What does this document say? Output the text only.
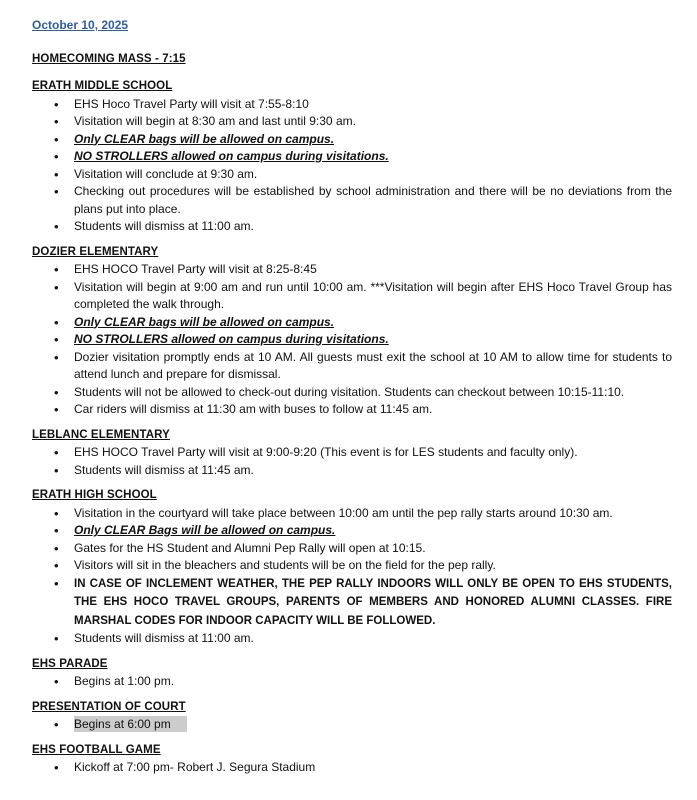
October 10, 2025
HOMECOMING MASS - 7:15
ERATH MIDDLE SCHOOL
• EHS Hoco Travel Party will visit at 7:55-8:10
• Visitation will begin at 8:30 am and last until 9:30 am.
• Only CLEAR bags will be allowed on campus.
• NO STROLLERS allowed on campus during visitations.
• Visitation will conclude at 9:30 am.
• Checking out procedures will be established by school administration and there will be no deviations from the plans put into place.
• Students will dismiss at 11:00 am.
DOZIER ELEMENTARY
• EHS HOCO Travel Party will visit at 8:25-8:45
• Visitation will begin at 9:00 am and run until 10:00 am. ***Visitation will begin after EHS Hoco Travel Group has completed the walk through.
• Only CLEAR bags will be allowed on campus.
• NO STROLLERS allowed on campus during visitations.
• Dozier visitation promptly ends at 10 AM. All guests must exit the school at 10 AM to allow time for students to attend lunch and prepare for dismissal.
• Students will not be allowed to check-out during visitation. Students can checkout between 10:15-11:10.
• Car riders will dismiss at 11:30 am with buses to follow at 11:45 am.
LEBLANC ELEMENTARY
• EHS HOCO Travel Party will visit at 9:00-9:20 (This event is for LES students and faculty only).
• Students will dismiss at 11:45 am.
ERATH HIGH SCHOOL
• Visitation in the courtyard will take place between 10:00 am until the pep rally starts around 10:30 am.
• Only CLEAR Bags will be allowed on campus.
• Gates for the HS Student and Alumni Pep Rally will open at 10:15.
• Visitors will sit in the bleachers and students will be on the field for the pep rally.
• IN CASE OF INCLEMENT WEATHER, THE PEP RALLY INDOORS WILL ONLY BE OPEN TO EHS STUDENTS, THE EHS HOCO TRAVEL GROUPS, PARENTS OF MEMBERS AND HONORED ALUMNI CLASSES. FIRE MARSHAL CODES FOR INDOOR CAPACITY WILL BE FOLLOWED.
• Students will dismiss at 11:00 am.
EHS PARADE
• Begins at 1:00 pm.
PRESENTATION OF COURT
• Begins at 6:00 pm
EHS FOOTBALL GAME
• Kickoff at 7:00 pm- Robert J. Segura Stadium
